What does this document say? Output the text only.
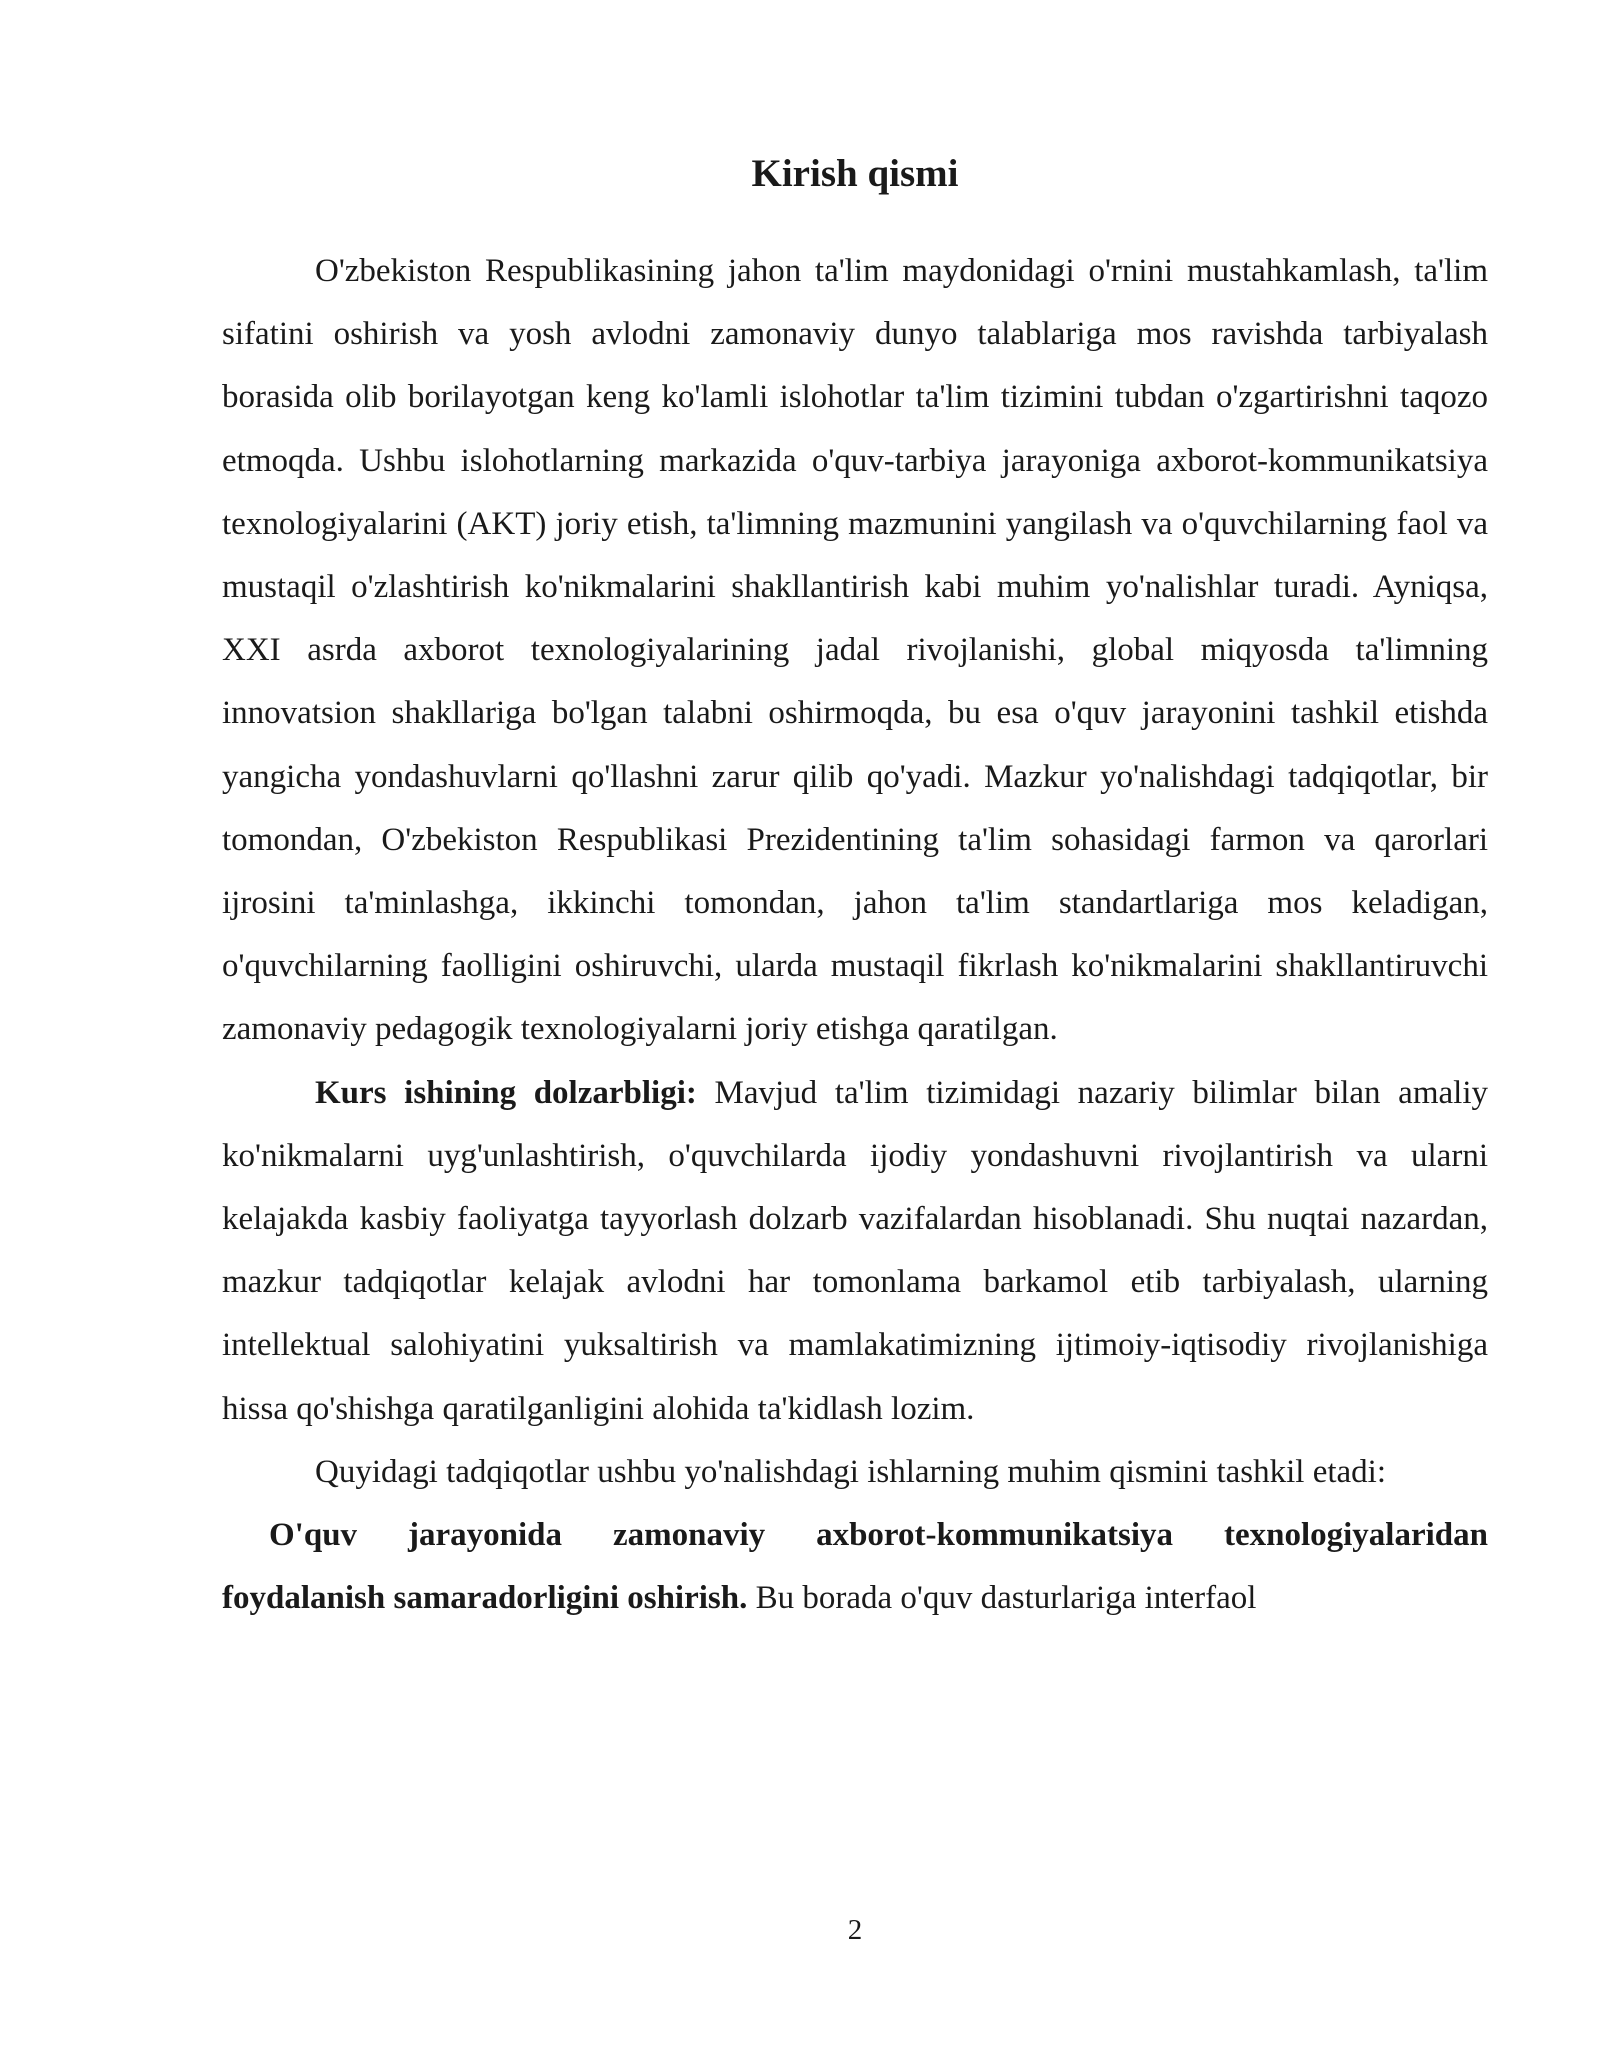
Kirish qismi

O'zbekiston Respublikasining jahon ta'lim maydonidagi o'rnini mustahkamlash, ta'lim sifatini oshirish va yosh avlodni zamonaviy dunyo talablariga mos ravishda tarbiyalash borasida olib borilayotgan keng ko'lamli islohotlar ta'lim tizimini tubdan o'zgartirishni taqozo etmoqda. Ushbu islohotlarning markazida o'quv-tarbiya jarayoniga axborot-kommunikatsiya texnologiyalarini (AKT) joriy etish, ta'limning mazmunini yangilash va o'quvchilarning faol va mustaqil o'zlashtirish ko'nikmalarini shakllantirish kabi muhim yo'nalishlar turadi. Ayniqsa, XXI asrda axborot texnologiyalarining jadal rivojlanishi, global miqyosda ta'limning innovatsion shakllariga bo'lgan talabni oshirmoqda, bu esa o'quv jarayonini tashkil etishda yangicha yondashuvlarni qo'llashni zarur qilib qo'yadi. Mazkur yo'nalishdagi tadqiqotlar, bir tomondan, O'zbekiston Respublikasi Prezidentining ta'lim sohasidagi farmon va qarorlari ijrosini ta'minlashga, ikkinchi tomondan, jahon ta'lim standartlariga mos keladigan, o'quvchilarning faolligini oshiruvchi, ularda mustaqil fikrlash ko'nikmalarini shakllantiruvchi zamonaviy pedagogik texnologiyalarni joriy etishga qaratilgan.

Kurs ishining dolzarbligi: Mavjud ta'lim tizimidagi nazariy bilimlar bilan amaliy ko'nikmalarni uyg'unlashtirish, o'quvchilarda ijodiy yondashuvni rivojlantirish va ularni kelajakda kasbiy faoliyatga tayyorlash dolzarb vazifalardan hisoblanadi. Shu nuqtai nazardan, mazkur tadqiqotlar kelajak avlodni har tomonlama barkamol etib tarbiyalash, ularning intellektual salohiyatini yuksaltirish va mamlakatimizning ijtimoiy-iqtisodiy rivojlanishiga hissa qo'shishga qaratilganligini alohida ta'kidlash lozim.

Quyidagi tadqiqotlar ushbu yo'nalishdagi ishlarning muhim qismini tashkil etadi:

O'quv jarayonida zamonaviy axborot-kommunikatsiya texnologiyalaridan foydalanish samaradorligini oshirish. Bu borada o'quv dasturlariga interfaol

2
